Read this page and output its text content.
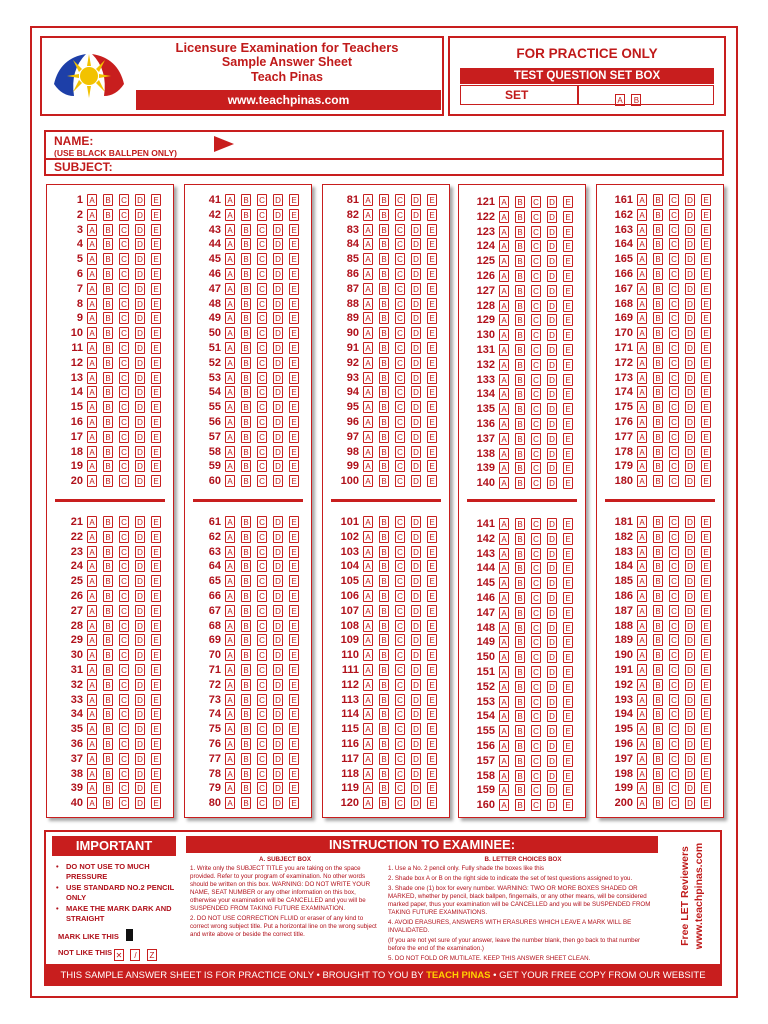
Licensure Examination for Teachers
Sample Answer Sheet
Teach Pinas
www.teachpinas.com
FOR PRACTICE ONLY
TEST QUESTION SET BOX
SET	A B
NAME:
(USE BLACK BALLPEN ONLY)
SUBJECT:
1 A B C D E
2 A B C D E
3 A B C D E
4 A B C D E
5 A B C D E
6 A B C D E
7 A B C D E
8 A B C D E
9 A B C D E
10 A B C D E
11 A B C D E
12 A B C D E
13 A B C D E
14 A B C D E
15 A B C D E
16 A B C D E
17 A B C D E
18 A B C D E
19 A B C D E
20 A B C D E
21 A B C D E
22 A B C D E
23 A B C D E
24 A B C D E
25 A B C D E
26 A B C D E
27 A B C D E
28 A B C D E
29 A B C D E
30 A B C D E
31 A B C D E
32 A B C D E
33 A B C D E
34 A B C D E
35 A B C D E
36 A B C D E
37 A B C D E
38 A B C D E
39 A B C D E
40 A B C D E
41 A B C D E
42 A B C D E
43 A B C D E
44 A B C D E
45 A B C D E
46 A B C D E
47 A B C D E
48 A B C D E
49 A B C D E
50 A B C D E
51 A B C D E
52 A B C D E
53 A B C D E
54 A B C D E
55 A B C D E
56 A B C D E
57 A B C D E
58 A B C D E
59 A B C D E
60 A B C D E
61 A B C D E
62 A B C D E
63 A B C D E
64 A B C D E
65 A B C D E
66 A B C D E
67 A B C D E
68 A B C D E
69 A B C D E
70 A B C D E
71 A B C D E
72 A B C D E
73 A B C D E
74 A B C D E
75 A B C D E
76 A B C D E
77 A B C D E
78 A B C D E
79 A B C D E
80 A B C D E
81 A B C D E
82 A B C D E
83 A B C D E
84 A B C D E
85 A B C D E
86 A B C D E
87 A B C D E
88 A B C D E
89 A B C D E
90 A B C D E
91 A B C D E
92 A B C D E
93 A B C D E
94 A B C D E
95 A B C D E
96 A B C D E
97 A B C D E
98 A B C D E
99 A B C D E
100 A B C D E
101 A B C D E
102 A B C D E
103 A B C D E
104 A B C D E
105 A B C D E
106 A B C D E
107 A B C D E
108 A B C D E
109 A B C D E
110 A B C D E
111 A B C D E
112 A B C D E
113 A B C D E
114 A B C D E
115 A B C D E
116 A B C D E
117 A B C D E
118 A B C D E
119 A B C D E
120 A B C D E
121 A B C D E
122 A B C D E
123 A B C D E
124 A B C D E
125 A B C D E
126 A B C D E
127 A B C D E
128 A B C D E
129 A B C D E
130 A B C D E
131 A B C D E
132 A B C D E
133 A B C D E
134 A B C D E
135 A B C D E
136 A B C D E
137 A B C D E
138 A B C D E
139 A B C D E
140 A B C D E
141 A B C D E
142 A B C D E
143 A B C D E
144 A B C D E
145 A B C D E
146 A B C D E
147 A B C D E
148 A B C D E
149 A B C D E
150 A B C D E
151 A B C D E
152 A B C D E
153 A B C D E
154 A B C D E
155 A B C D E
156 A B C D E
157 A B C D E
158 A B C D E
159 A B C D E
160 A B C D E
161 A B C D E
162 A B C D E
163 A B C D E
164 A B C D E
165 A B C D E
166 A B C D E
167 A B C D E
168 A B C D E
169 A B C D E
170 A B C D E
171 A B C D E
172 A B C D E
173 A B C D E
174 A B C D E
175 A B C D E
176 A B C D E
177 A B C D E
178 A B C D E
179 A B C D E
180 A B C D E
181 A B C D E
182 A B C D E
183 A B C D E
184 A B C D E
185 A B C D E
186 A B C D E
187 A B C D E
188 A B C D E
189 A B C D E
190 A B C D E
191 A B C D E
192 A B C D E
193 A B C D E
194 A B C D E
195 A B C D E
196 A B C D E
197 A B C D E
198 A B C D E
199 A B C D E
200 A B C D E
IMPORTANT
• DO NOT USE TO MUCH PRESSURE
• USE STANDARD NO.2 PENCIL ONLY
• MAKE THE MARK DARK AND STRAIGHT
MARK LIKE THIS
NOT LIKE THIS ✕ / Z
INSTRUCTION TO EXAMINEE:
A. SUBJECT BOX

1. Write only the SUBJECT TITLE you are taking on the space provided. Refer to your program of examination. No other words should be written on this box. WARNING: DO NOT WRITE YOUR NAME, SEAT NUMBER or any other information on this box, otherwise your examination will be CANCELLED and you will be SUSPENDED FROM TAKING FUTURE EXAMINATION.

2. DO NOT USE CORRECTION FLUID or eraser of any kind to correct wrong subject title. Put a horizontal line on the wrong subject and write above or beside the correct title.

B. LETTER CHOICES BOX

1. Use a No. 2 pencil only. Fully shade the boxes like this

2. Shade box A or B on the right side to indicate the set of test questions assigned to you.

3. Shade one (1) box for every number. WARNING: TWO OR MORE BOXES SHADED OR MARKED, whether by pencil, black ballpen, fingernails, or any other means, will be considered marked paper, thus your examination will be CANCELLED and you will be SUSPENDED FROM TAKING FUTURE EXAMINATIONS.

4. AVOID ERASURES, ANSWERS WITH ERASURES WHICH LEAVE A MARK WILL BE INVALIDATED.

(If you are not yet sure of your answer, leave the number blank, then go back to that number before the end of the examination.)

5. DO NOT FOLD OR MUTILATE. KEEP THIS ANSWER SHEET CLEAN.

Free LET Reviewers www.teachpinas.com
THIS SAMPLE ANSWER SHEET IS FOR PRACTICE ONLY • BROUGHT TO YOU BY TEACH PINAS • GET YOUR FREE COPY FROM OUR WEBSITE
